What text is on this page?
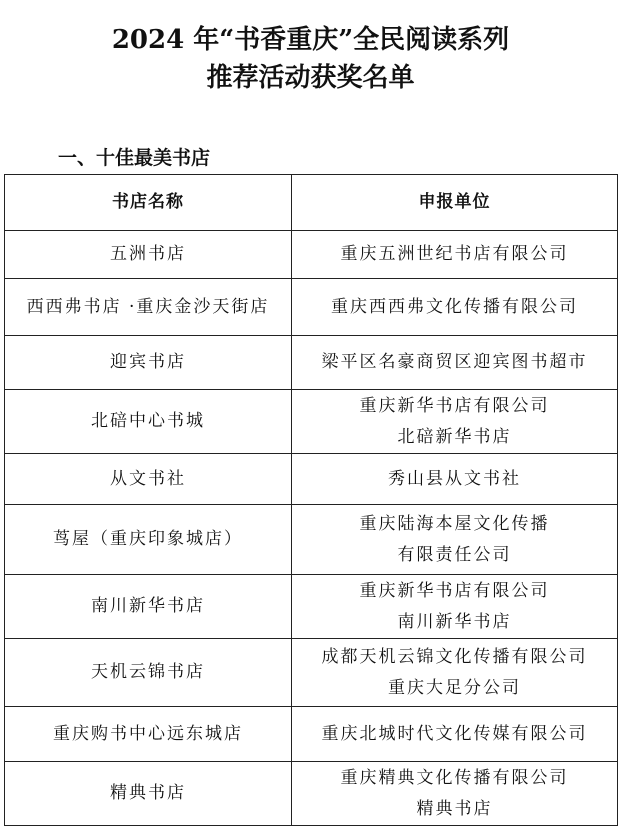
2024 年“书香重庆”全民阅读系列
推荐活动获奖名单
一、十佳最美书店
书店名称	申报单位
五洲书店	重庆五洲世纪书店有限公司

西西弗书店 ·重庆金沙天街店	重庆西西弗文化传播有限公司

迎宾书店	梁平区名豪商贸区迎宾图书超市

北碚中心书城	重庆新华书店有限公司
北碚新华书店

从文书社	秀山县从文书社

茑屋（重庆印象城店）	重庆陆海本屋文化传播
有限责任公司

南川新华书店	重庆新华书店有限公司
南川新华书店

天机云锦书店	成都天机云锦文化传播有限公司
重庆大足分公司

重庆购书中心远东城店	重庆北城时代文化传媒有限公司

精典书店	重庆精典文化传播有限公司
精典书店
